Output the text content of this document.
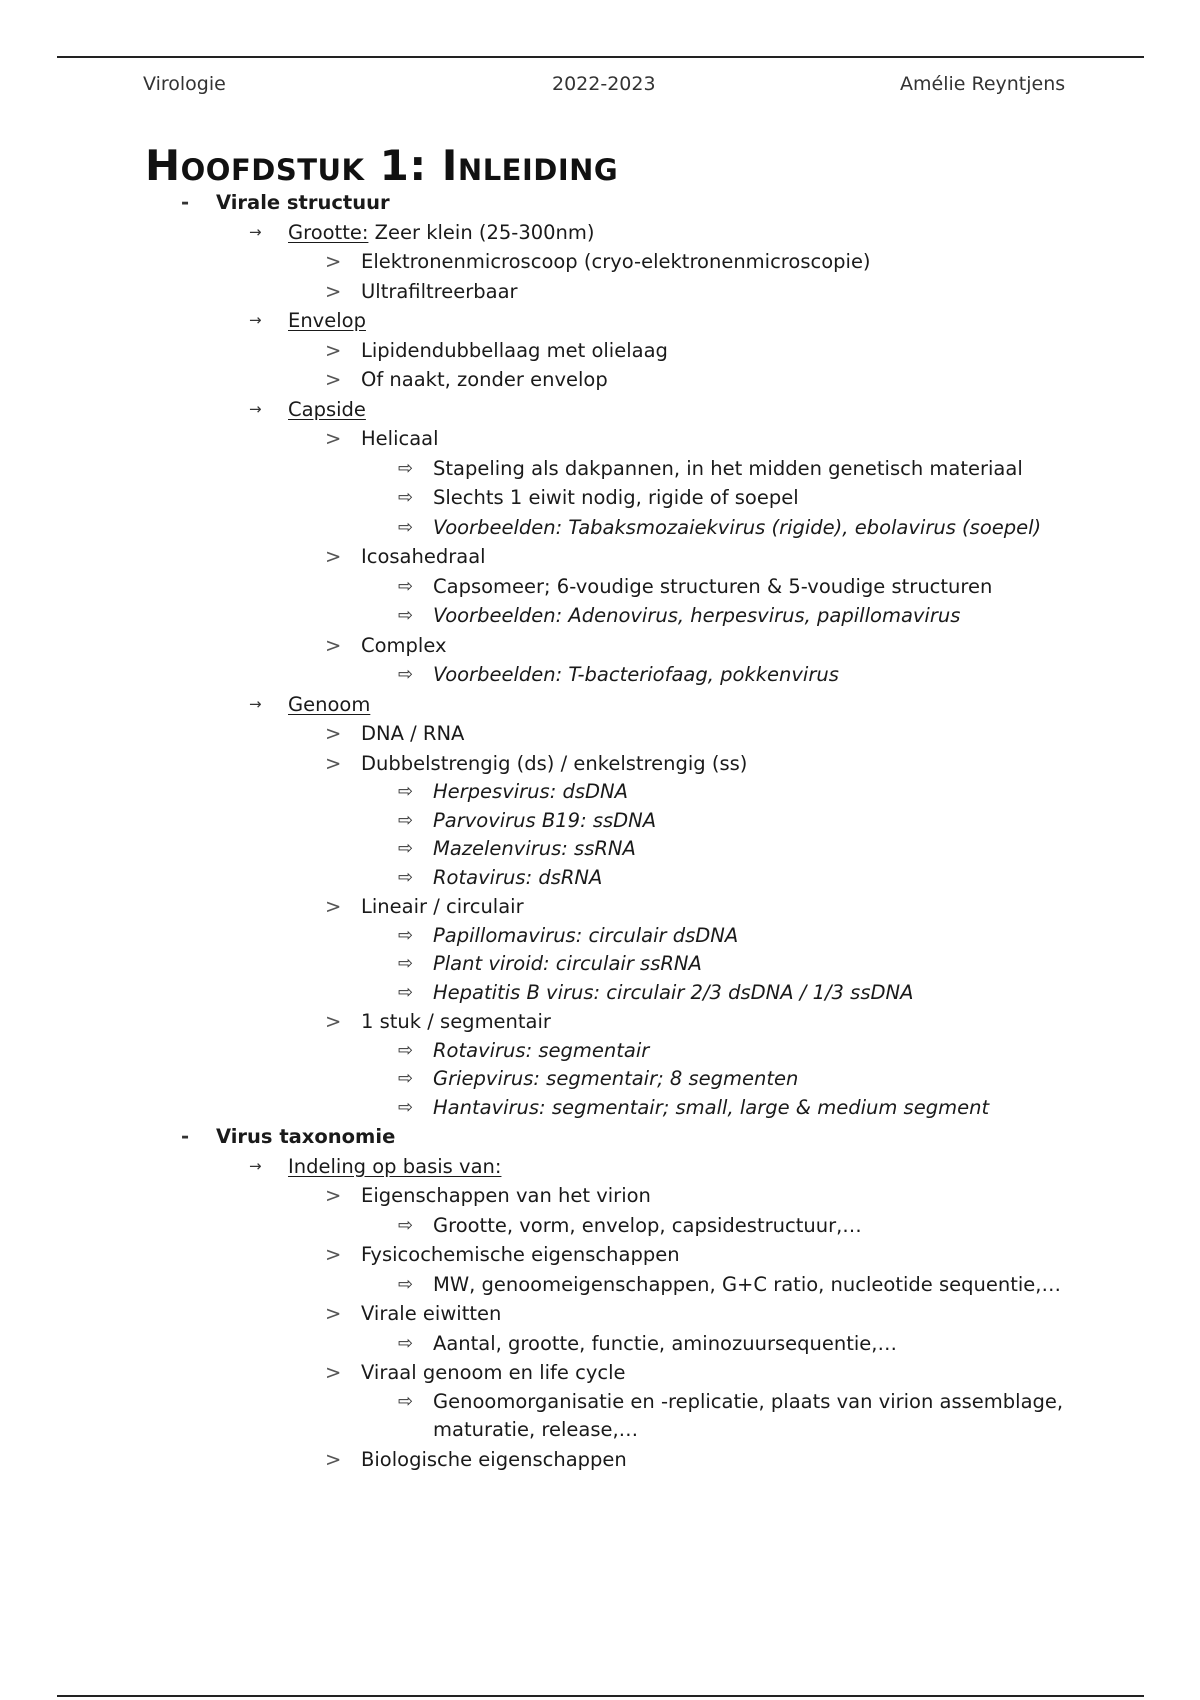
Virologie	2022-2023	Amélie Reyntjens
Hoofdstuk 1: Inleiding
- Virale structuur
→ Grootte: Zeer klein (25-300nm)
> Elektronenmicroscoop (cryo-elektronenmicroscopie)
> Ultrafiltreerbaar
→ Envelop
> Lipidendubbellaag met olielaag
> Of naakt, zonder envelop
→ Capside
> Helicaal
⇨ Stapeling als dakpannen, in het midden genetisch materiaal
⇨ Slechts 1 eiwit nodig, rigide of soepel
⇨ Voorbeelden: Tabaksmozaiekvirus (rigide), ebolavirus (soepel)
> Icosahedraal
⇨ Capsomeer; 6-voudige structuren & 5-voudige structuren
⇨ Voorbeelden: Adenovirus, herpesvirus, papillomavirus
> Complex
⇨ Voorbeelden: T-bacteriofaag, pokkenvirus
→ Genoom
> DNA / RNA
> Dubbelstrengig (ds) / enkelstrengig (ss)
⇨ Herpesvirus: dsDNA
⇨ Parvovirus B19: ssDNA
⇨ Mazelenvirus: ssRNA
⇨ Rotavirus: dsRNA
> Lineair / circulair
⇨ Papillomavirus: circulair dsDNA
⇨ Plant viroid: circulair ssRNA
⇨ Hepatitis B virus: circulair 2/3 dsDNA / 1/3 ssDNA
> 1 stuk / segmentair
⇨ Rotavirus: segmentair
⇨ Griepvirus: segmentair; 8 segmenten
⇨ Hantavirus: segmentair; small, large & medium segment
- Virus taxonomie
→ Indeling op basis van:
> Eigenschappen van het virion
⇨ Grootte, vorm, envelop, capsidestructuur,…
> Fysicochemische eigenschappen
⇨ MW, genoomeigenschappen, G+C ratio, nucleotide sequentie,…
> Virale eiwitten
⇨ Aantal, grootte, functie, aminozuursequentie,…
> Viraal genoom en life cycle
⇨ Genoomorganisatie en -replicatie, plaats van virion assemblage,
maturatie, release,…
> Biologische eigenschappen
